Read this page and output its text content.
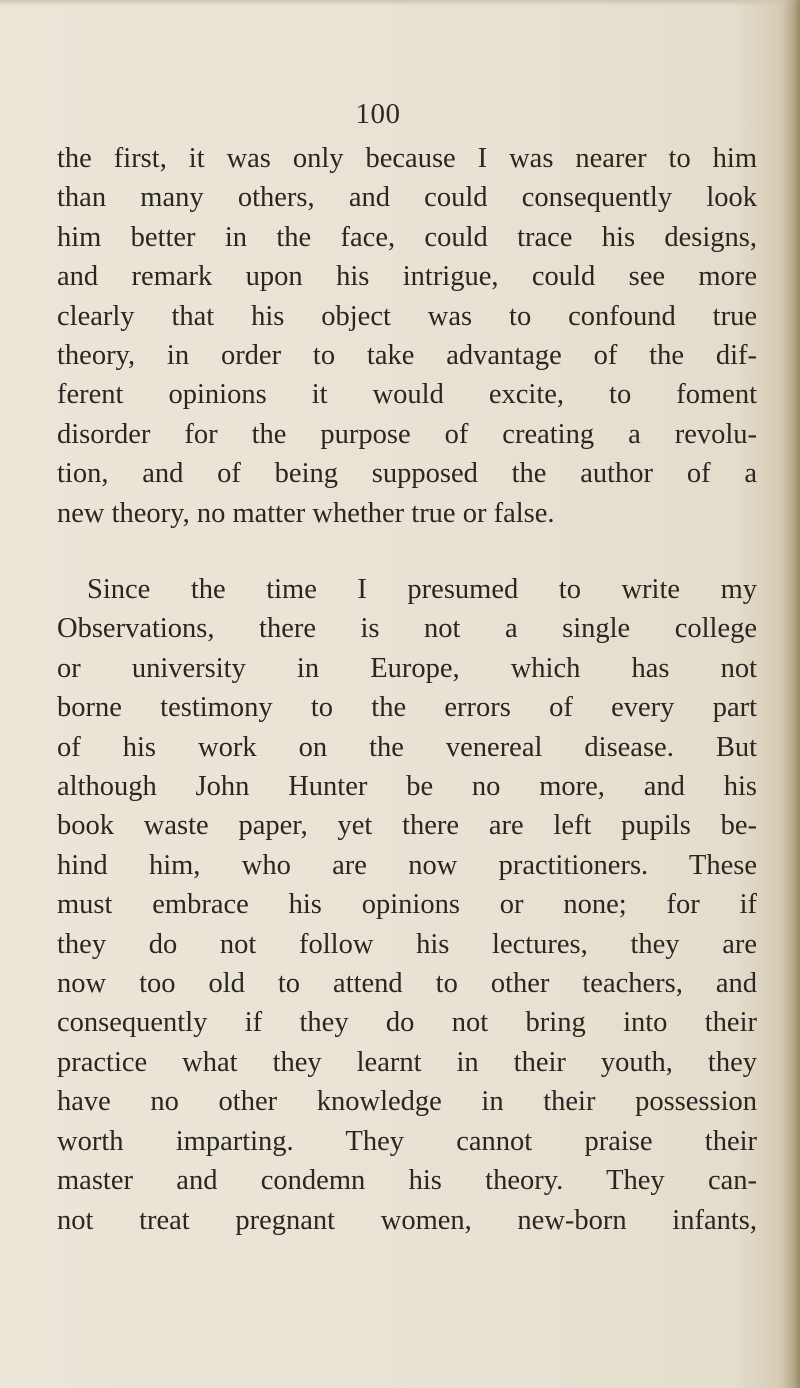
100
the first, it was only because I was nearer to him
than many others, and could consequently look
him better in the face, could trace his designs,
and remark upon his intrigue, could see more
clearly that his object was to confound true
theory, in order to take advantage of the dif-
ferent opinions it would excite, to foment
disorder for the purpose of creating a revolu-
tion, and of being supposed the author of a
new theory, no matter whether true or false.
Since the time I presumed to write my
Observations, there is not a single college
or university in Europe, which has not
borne testimony to the errors of every part
of his work on the venereal disease. But
although John Hunter be no more, and his
book waste paper, yet there are left pupils be-
hind him, who are now practitioners. These
must embrace his opinions or none; for if
they do not follow his lectures, they are
now too old to attend to other teachers, and
consequently if they do not bring into their
practice what they learnt in their youth, they
have no other knowledge in their possession
worth imparting. They cannot praise their
master and condemn his theory. They can-
not treat pregnant women, new-born infants,
